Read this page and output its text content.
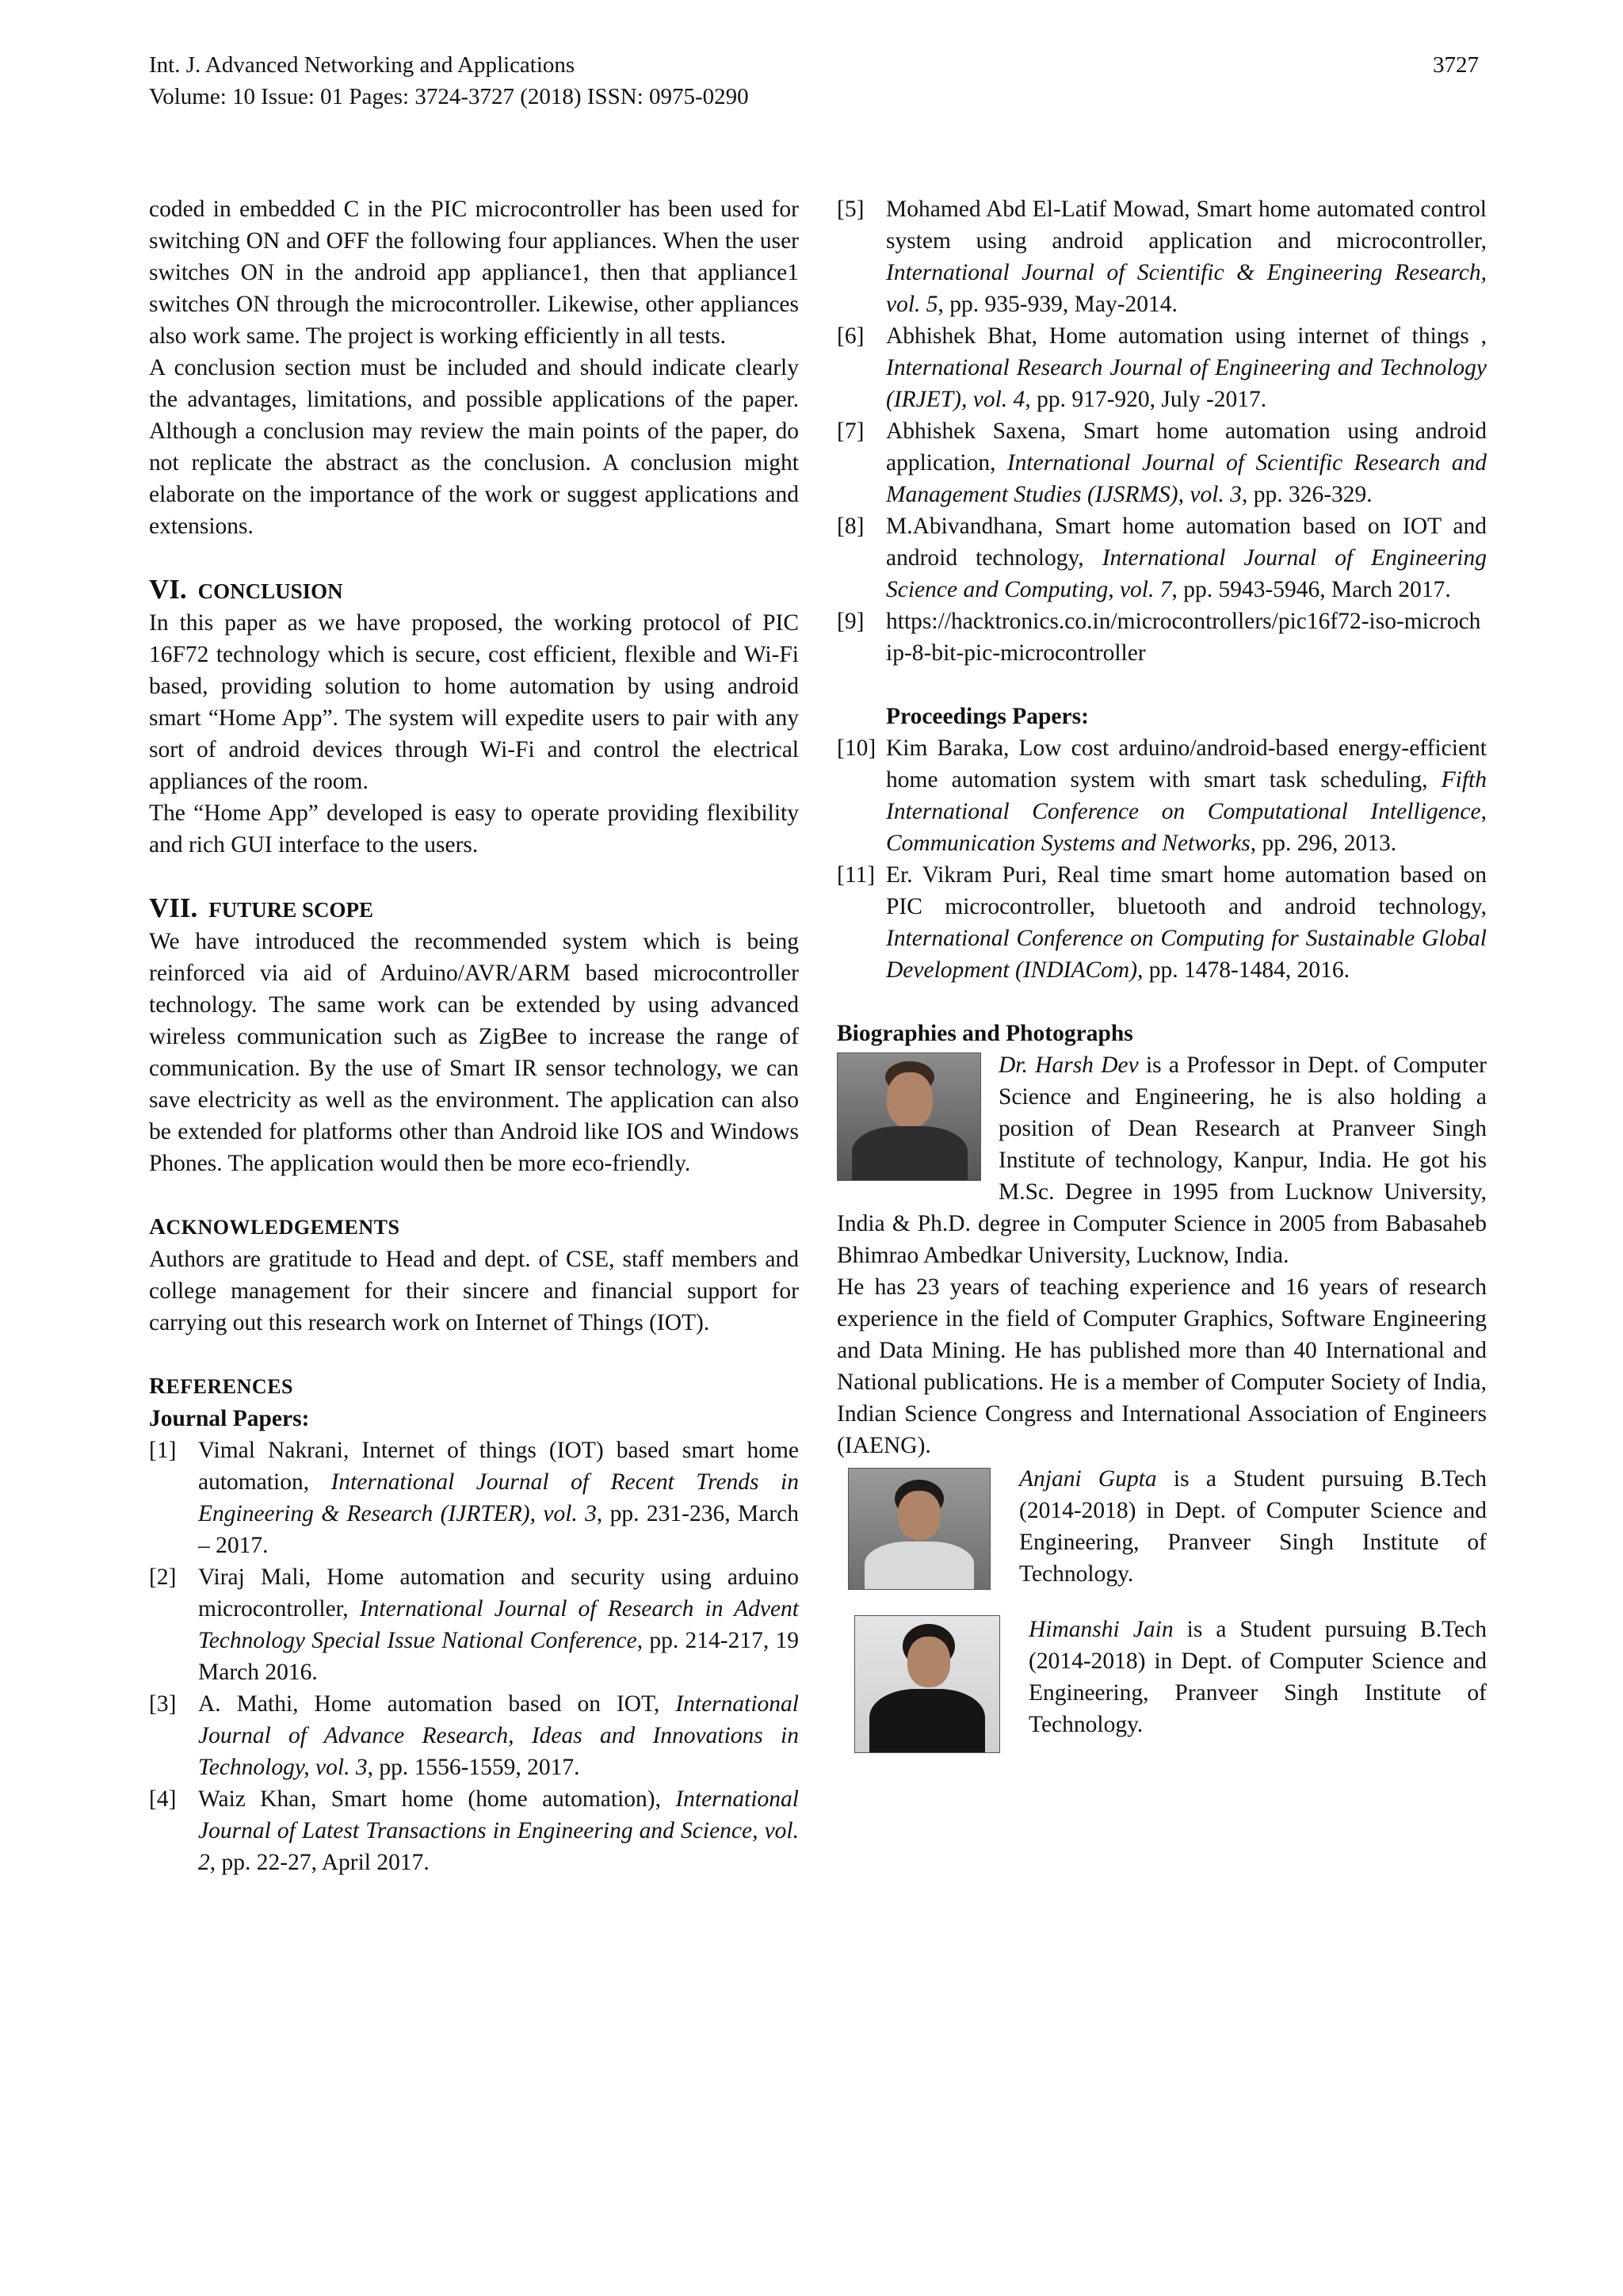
Int. J. Advanced Networking and Applications
Volume: 10 Issue: 01 Pages: 3724-3727 (2018) ISSN: 0975-0290
3727

coded in embedded C in the PIC microcontroller has been used for switching ON and OFF the following four appliances. When the user switches ON in the android app appliance1, then that appliance1 switches ON through the microcontroller. Likewise, other appliances also work same. The project is working efficiently in all tests.

A conclusion section must be included and should indicate clearly the advantages, limitations, and possible applications of the paper. Although a conclusion may review the main points of the paper, do not replicate the abstract as the conclusion. A conclusion might elaborate on the importance of the work or suggest applications and extensions.

VI. CONCLUSION

In this paper as we have proposed, the working protocol of PIC 16F72 technology which is secure, cost efficient, flexible and Wi-Fi based, providing solution to home automation by using android smart “Home App”. The system will expedite users to pair with any sort of android devices through Wi-Fi and control the electrical appliances of the room.

The “Home App” developed is easy to operate providing flexibility and rich GUI interface to the users.

VII. FUTURE SCOPE

We have introduced the recommended system which is being reinforced via aid of Arduino/AVR/ARM based microcontroller technology. The same work can be extended by using advanced wireless communication such as ZigBee to increase the range of communication. By the use of Smart IR sensor technology, we can save electricity as well as the environment. The application can also be extended for platforms other than Android like IOS and Windows Phones. The application would then be more eco-friendly.

ACKNOWLEDGEMENTS

Authors are gratitude to Head and dept. of CSE, staff members and college management for their sincere and financial support for carrying out this research work on Internet of Things (IOT).

REFERENCES
Journal Papers:
[1] Vimal Nakrani, Internet of things (IOT) based smart home automation, International Journal of Recent Trends in Engineering & Research (IJRTER), vol. 3, pp. 231-236, March – 2017.
[2] Viraj Mali, Home automation and security using arduino microcontroller, International Journal of Research in Advent Technology Special Issue National Conference, pp. 214-217, 19 March 2016.
[3] A. Mathi, Home automation based on IOT, International Journal of Advance Research, Ideas and Innovations in Technology, vol. 3, pp. 1556-1559, 2017.
[4] Waiz Khan, Smart home (home automation), International Journal of Latest Transactions in Engineering and Science, vol. 2, pp. 22-27, April 2017.
[5] Mohamed Abd El-Latif Mowad, Smart home automated control system using android application and microcontroller, International Journal of Scientific & Engineering Research, vol. 5, pp. 935-939, May-2014.
[6] Abhishek Bhat, Home automation using internet of things , International Research Journal of Engineering and Technology (IRJET), vol. 4, pp. 917-920, July -2017.
[7] Abhishek Saxena, Smart home automation using android application, International Journal of Scientific Research and Management Studies (IJSRMS), vol. 3, pp. 326-329.
[8] M.Abivandhana, Smart home automation based on IOT and android technology, International Journal of Engineering Science and Computing, vol. 7, pp. 5943-5946, March 2017.
[9] https://hacktronics.co.in/microcontrollers/pic16f72-iso-microchip-8-bit-pic-microcontroller
Proceedings Papers:
[10] Kim Baraka, Low cost arduino/android-based energy-efficient home automation system with smart task scheduling, Fifth International Conference on Computational Intelligence, Communication Systems and Networks, pp. 296, 2013.
[11] Er. Vikram Puri, Real time smart home automation based on PIC microcontroller, bluetooth and android technology, International Conference on Computing for Sustainable Global Development (INDIACom), pp. 1478-1484, 2016.
Biographies and Photographs

Dr. Harsh Dev is a Professor in Dept. of Computer Science and Engineering, he is also holding a position of Dean Research at Pranveer Singh Institute of technology, Kanpur, India. He got his M.Sc. Degree in 1995 from Lucknow University, India & Ph.D. degree in Computer Science in 2005 from Babasaheb Bhimrao Ambedkar University, Lucknow, India.

He has 23 years of teaching experience and 16 years of research experience in the field of Computer Graphics, Software Engineering and Data Mining. He has published more than 40 International and National publications. He is a member of Computer Society of India, Indian Science Congress and International Association of Engineers (IAENG).

Anjani Gupta is a Student pursuing B.Tech (2014-2018) in Dept. of Computer Science and Engineering, Pranveer Singh Institute of Technology.

Himanshi Jain is a Student pursuing B.Tech (2014-2018) in Dept. of Computer Science and Engineering, Pranveer Singh Institute of Technology.
